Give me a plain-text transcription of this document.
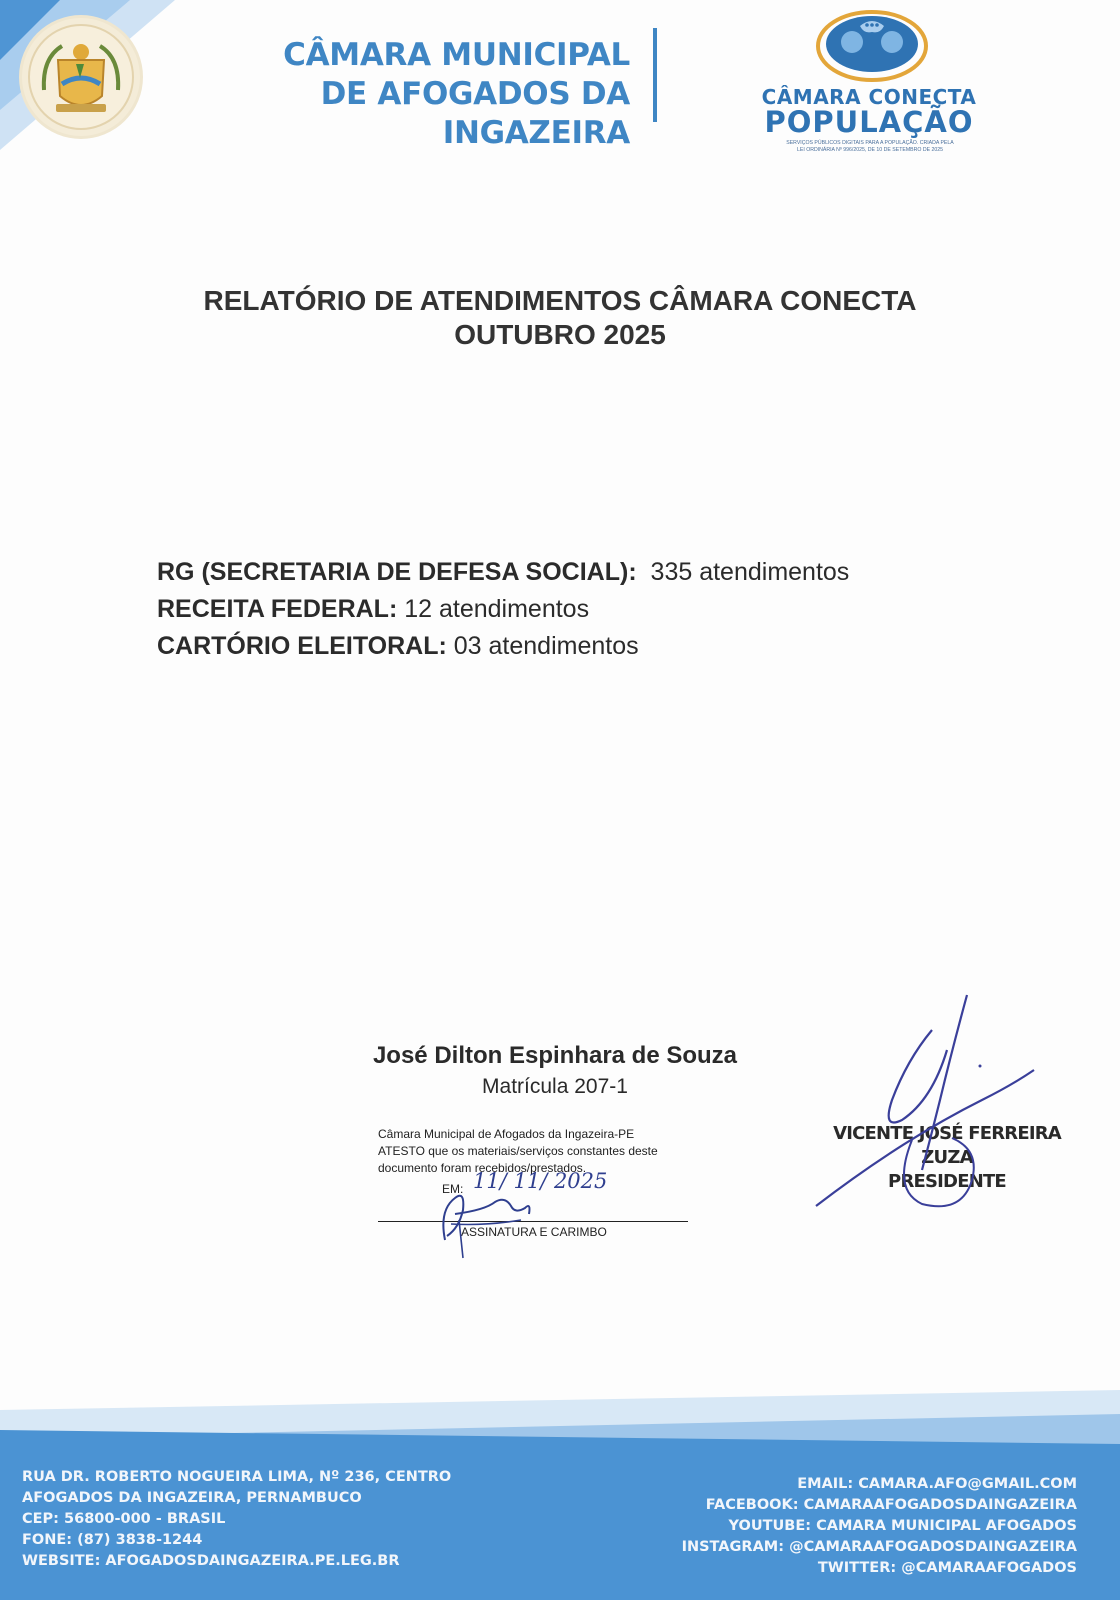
CÂMARA MUNICIPAL
DE AFOGADOS DA INGAZEIRA
CÂMARA CONECTA
POPULAÇÃO
SERVIÇOS PÚBLICOS DIGITAIS PARA A POPULAÇÃO. CRIADA PELA
LEI ORDINÁRIA Nº 996/2025, DE 10 DE SETEMBRO DE 2025
RELATÓRIO DE ATENDIMENTOS CÂMARA CONECTA
OUTUBRO 2025
RG (SECRETARIA DE DEFESA SOCIAL): 335 atendimentos
RECEITA FEDERAL: 12 atendimentos
CARTÓRIO ELEITORAL: 03 atendimentos
José Dilton Espinhara de Souza
Matrícula 207-1
Câmara Municipal de Afogados da Ingazeira-PE
ATESTO que os materiais/serviços constantes deste
documento foram recebidos/prestados.
EM: 11/ 11/ 2025
ASSINATURA E CARIMBO
VICENTE JOSÉ FERREIRA ZUZA
PRESIDENTE
RUA DR. ROBERTO NOGUEIRA LIMA, Nº 236, CENTRO
AFOGADOS DA INGAZEIRA, PERNAMBUCO
CEP: 56800-000 - BRASIL
FONE: (87) 3838-1244
WEBSITE: AFOGADOSDAINGAZEIRA.PE.LEG.BR
EMAIL: CAMARA.AFO@GMAIL.COM
FACEBOOK: CAMARAAFOGADOSDAINGAZEIRA
YOUTUBE: CAMARA MUNICIPAL AFOGADOS
INSTAGRAM: @CAMARAAFOGADOSDAINGAZEIRA
TWITTER: @CAMARAAFOGADOS
